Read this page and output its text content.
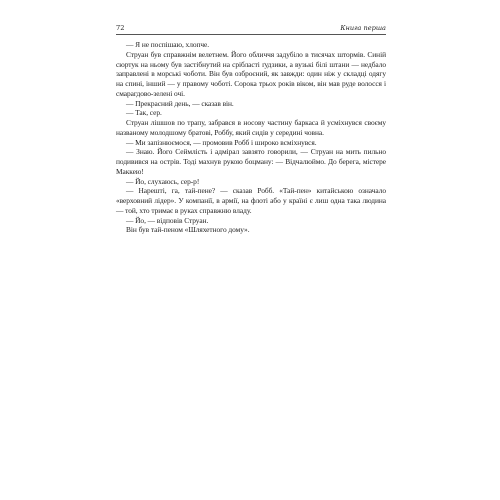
72	Книга перша

— Я не поспішаю, хлопче.

Струан був справжнім велетнем. Його обличчя задубіло в тисячах штормів. Синій сюртук на ньому був застібнутий на срібласті ґудзики, а вузькі білі штани — недбало заправлені в морські чоботи. Він був озброєний, як завжди: один ніж у складці одягу на спині, інший — у правому чоботі. Сорока трьох років віком, він мав руде волосся і смарагдово-зелені очі.

— Прекрасний день, — сказав він.

— Так, сер.

Струан лішшов по трапу, забрався в носову частину баркаса й усміхнувся своєму названому молодшому братові, Роббу, який сидів у середині човна.

— Ми запізнюємося, — промовив Робб і широко всміхнувся.

— Знаю. Його Сеймлість і адмірал завзято говорили, — Струан на мить пильно подивився на острів. Тоді махнув рукою боцману: — Відчалюймо. До берега, містере Маккею!

— Йо, слухаюсь, сер-р!

— Нарешті, га, тай-пене? — сказав Робб. «Тай-пен» китайською означало «верховний лідер». У компанії, в армії, на флоті або у країні є лиш одна така людина — той, хто тримає в руках справжню владу.

— Йо, — відповів Струан.

Він був тай-пеном «Шляхетного дому».
